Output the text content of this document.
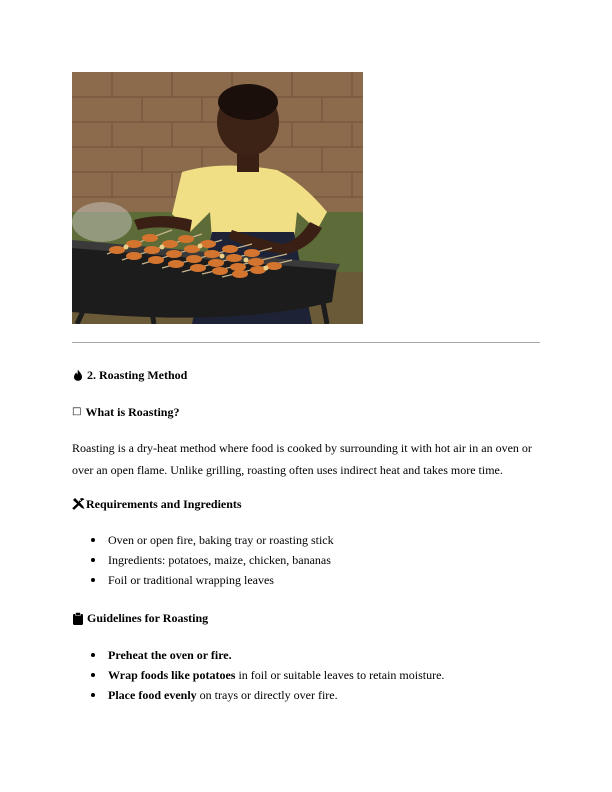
2. Roasting Method
□ What is Roasting?
Roasting is a dry-heat method where food is cooked by surrounding it with hot air in an oven or over an open flame. Unlike grilling, roasting often uses indirect heat and takes more time.
Requirements and Ingredients
Oven or open fire, baking tray or roasting stick
Ingredients: potatoes, maize, chicken, bananas
Foil or traditional wrapping leaves
Guidelines for Roasting
Preheat the oven or fire.
Wrap foods like potatoes in foil or suitable leaves to retain moisture.
Place food evenly on trays or directly over fire.
